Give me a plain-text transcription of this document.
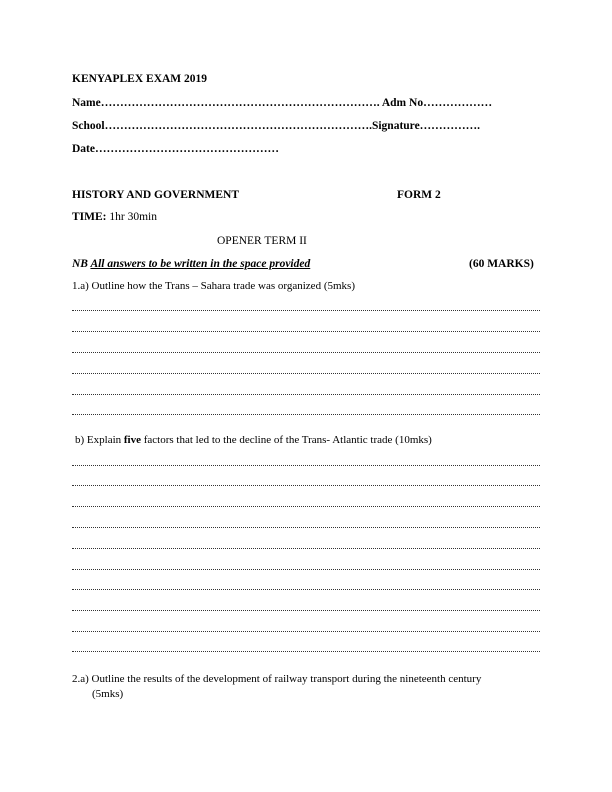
KENYAPLEX EXAM 2019
Name………………………………………………………………. Adm No………………
School…………………………………………………………….Signature…………….
Date…………………………………………
HISTORY AND GOVERNMENT	FORM 2
TIME: 1hr 30min
OPENER TERM II
NB All answers to be written in the space provided	(60 MARKS)
1.a) Outline how the Trans – Sahara trade was organized (5mks)
b) Explain five factors that led to the decline of the Trans- Atlantic trade (10mks)
2.a) Outline the results of the development of railway transport during the nineteenth century
(5mks)
